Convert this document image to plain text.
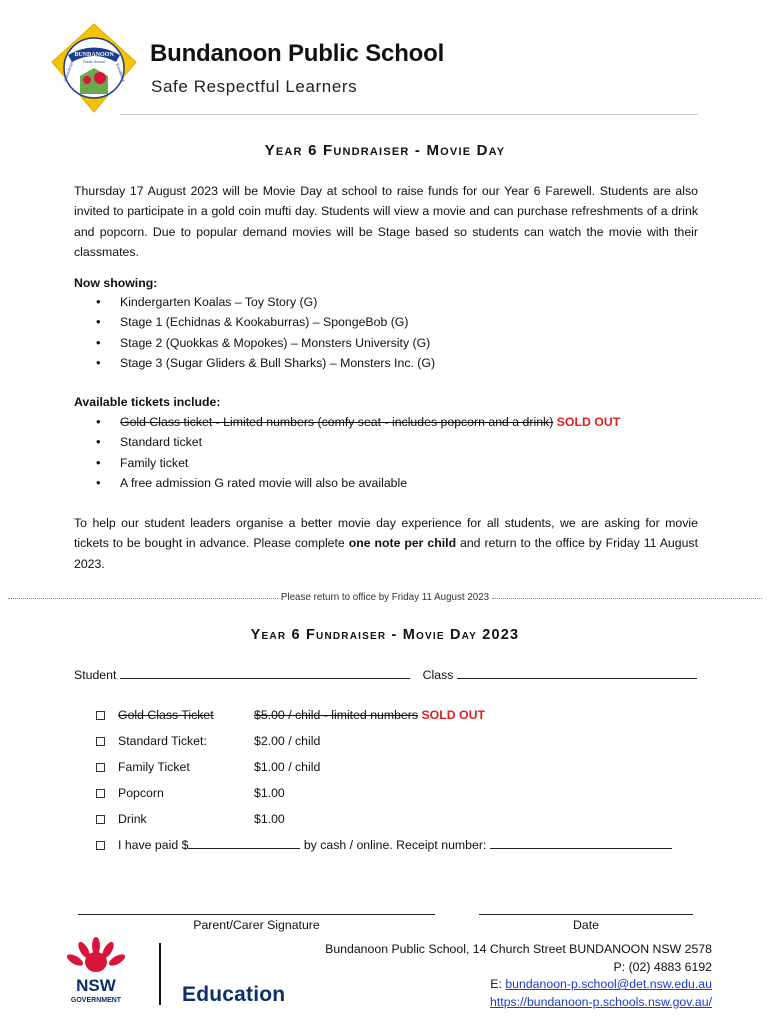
BUNDANOON
Public School
Commitment	Excellence
Bundanoon Public School
Safe Respectful Learners
Year 6 Fundraiser - Movie Day

Thursday 17 August 2023 will be Movie Day at school to raise funds for our Year 6 Farewell. Students are also invited to participate in a gold coin mufti day. Students will view a movie and can purchase refreshments of a drink and popcorn. Due to popular demand movies will be Stage based so students can watch the movie with their classmates.

Now showing:
• Kindergarten Koalas – Toy Story (G)
• Stage 1 (Echidnas & Kookaburras) – SpongeBob (G)
• Stage 2 (Quokkas & Mopokes) – Monsters University (G)
• Stage 3 (Sugar Gliders & Bull Sharks) – Monsters Inc. (G)
Available tickets include:
• Gold Class ticket - Limited numbers (comfy seat - includes popcorn and a drink) SOLD OUT
• Standard ticket
• Family ticket
• A free admission G rated movie will also be available

To help our student leaders organise a better movie day experience for all students, we are asking for movie tickets to be bought in advance. Please complete one note per child and return to the office by Friday 11 August 2023.

Please return to office by Friday 11 August 2023
Year 6 Fundraiser - Movie Day 2023
Student	Class
Gold Class Ticket	$5.00 / child - limited numbers SOLD OUT
Standard Ticket:	$2.00 / child
Family Ticket	$1.00 / child
Popcorn	$1.00
Drink	$1.00
I have paid $	by cash / online. Receipt number:
Parent/Carer Signature	Date
NSW
GOVERNMENT	Education
Bundanoon Public School, 14 Church Street BUNDANOON NSW 2578
P: (02) 4883 6192
E: bundanoon-p.school@det.nsw.edu.au
https://bundanoon-p.schools.nsw.gov.au/
